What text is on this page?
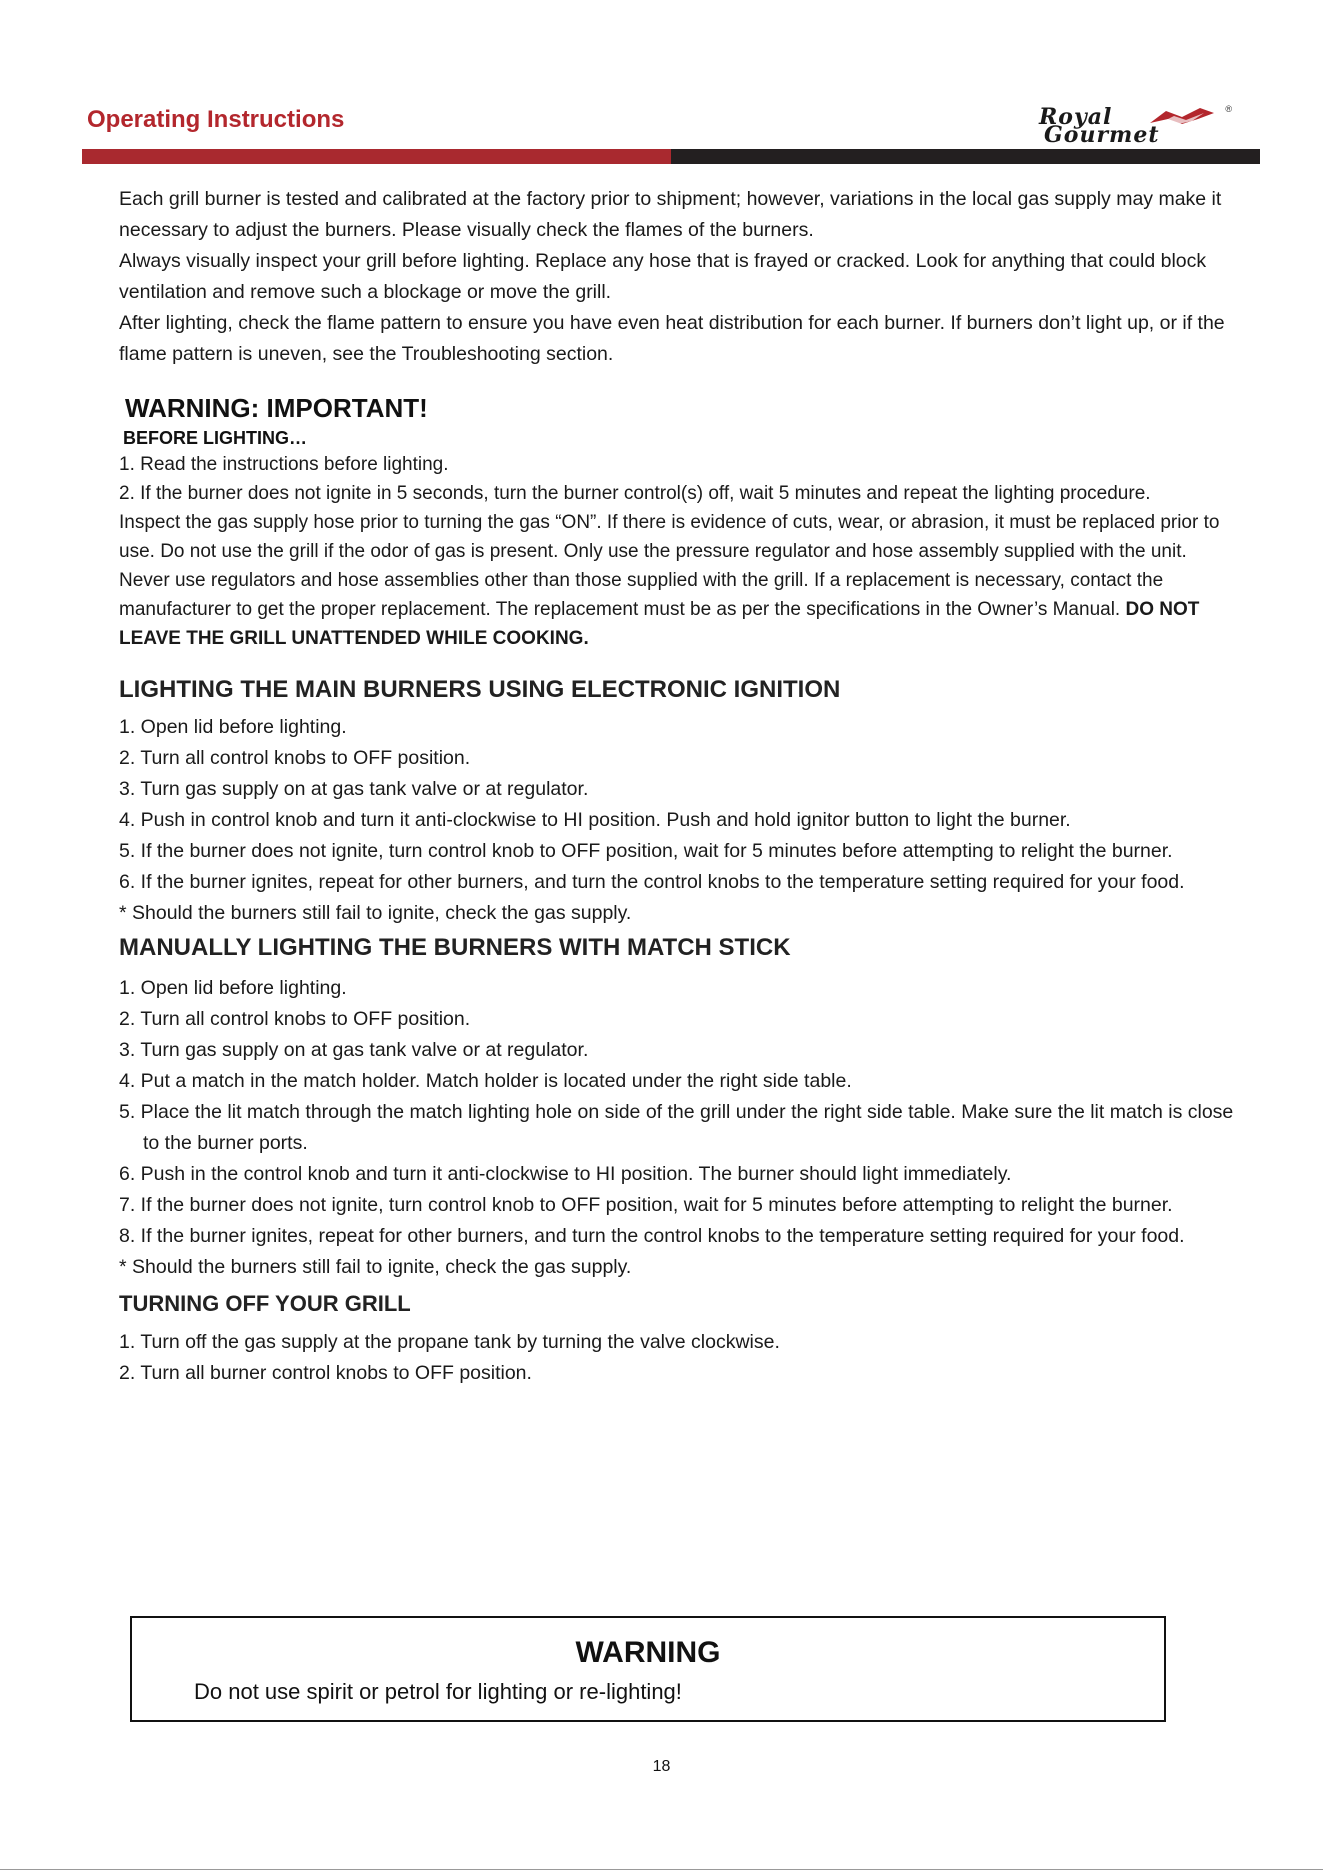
Operating Instructions	Royal
Gourmet
®

Each grill burner is tested and calibrated at the factory prior to shipment; however, variations in the local gas supply may make it necessary to adjust the burners. Please visually check the flames of the burners.

Always visually inspect your grill before lighting. Replace any hose that is frayed or cracked. Look for anything that could block ventilation and remove such a blockage or move the grill.

After lighting, check the flame pattern to ensure you have even heat distribution for each burner. If burners don’t light up, or if the flame pattern is uneven, see the Troubleshooting section.

WARNING: IMPORTANT!
BEFORE LIGHTING…
1. Read the instructions before lighting.
2. If the burner does not ignite in 5 seconds, turn the burner control(s) off, wait 5 minutes and repeat the lighting procedure.

Inspect the gas supply hose prior to turning the gas “ON”. If there is evidence of cuts, wear, or abrasion, it must be replaced prior to use. Do not use the grill if the odor of gas is present. Only use the pressure regulator and hose assembly supplied with the unit.

Never use regulators and hose assemblies other than those supplied with the grill. If a replacement is necessary, contact the manufacturer to get the proper replacement. The replacement must be as per the specifications in the Owner’s Manual. DO NOT LEAVE THE GRILL UNATTENDED WHILE COOKING.

LIGHTING THE MAIN BURNERS USING ELECTRONIC IGNITION
1. Open lid before lighting.
2. Turn all control knobs to OFF position.
3. Turn gas supply on at gas tank valve or at regulator.
4. Push in control knob and turn it anti-clockwise to HI position. Push and hold ignitor button to light the burner.
5. If the burner does not ignite, turn control knob to OFF position, wait for 5 minutes before attempting to relight the burner.
6. If the burner ignites, repeat for other burners, and turn the control knobs to the temperature setting required for your food.

* Should the burners still fail to ignite, check the gas supply.

MANUALLY LIGHTING THE BURNERS WITH MATCH STICK
1. Open lid before lighting.
2. Turn all control knobs to OFF position.
3. Turn gas supply on at gas tank valve or at regulator.
4. Put a match in the match holder. Match holder is located under the right side table.
5. Place the lit match through the match lighting hole on side of the grill under the right side table. Make sure the lit match is close to the burner ports.
6. Push in the control knob and turn it anti-clockwise to HI position. The burner should light immediately.
7. If the burner does not ignite, turn control knob to OFF position, wait for 5 minutes before attempting to relight the burner.
8. If the burner ignites, repeat for other burners, and turn the control knobs to the temperature setting required for your food.

* Should the burners still fail to ignite, check the gas supply.

TURNING OFF YOUR GRILL
1. Turn off the gas supply at the propane tank by turning the valve clockwise.
2. Turn all burner control knobs to OFF position.
WARNING
Do not use spirit or petrol for lighting or re-lighting!
18
